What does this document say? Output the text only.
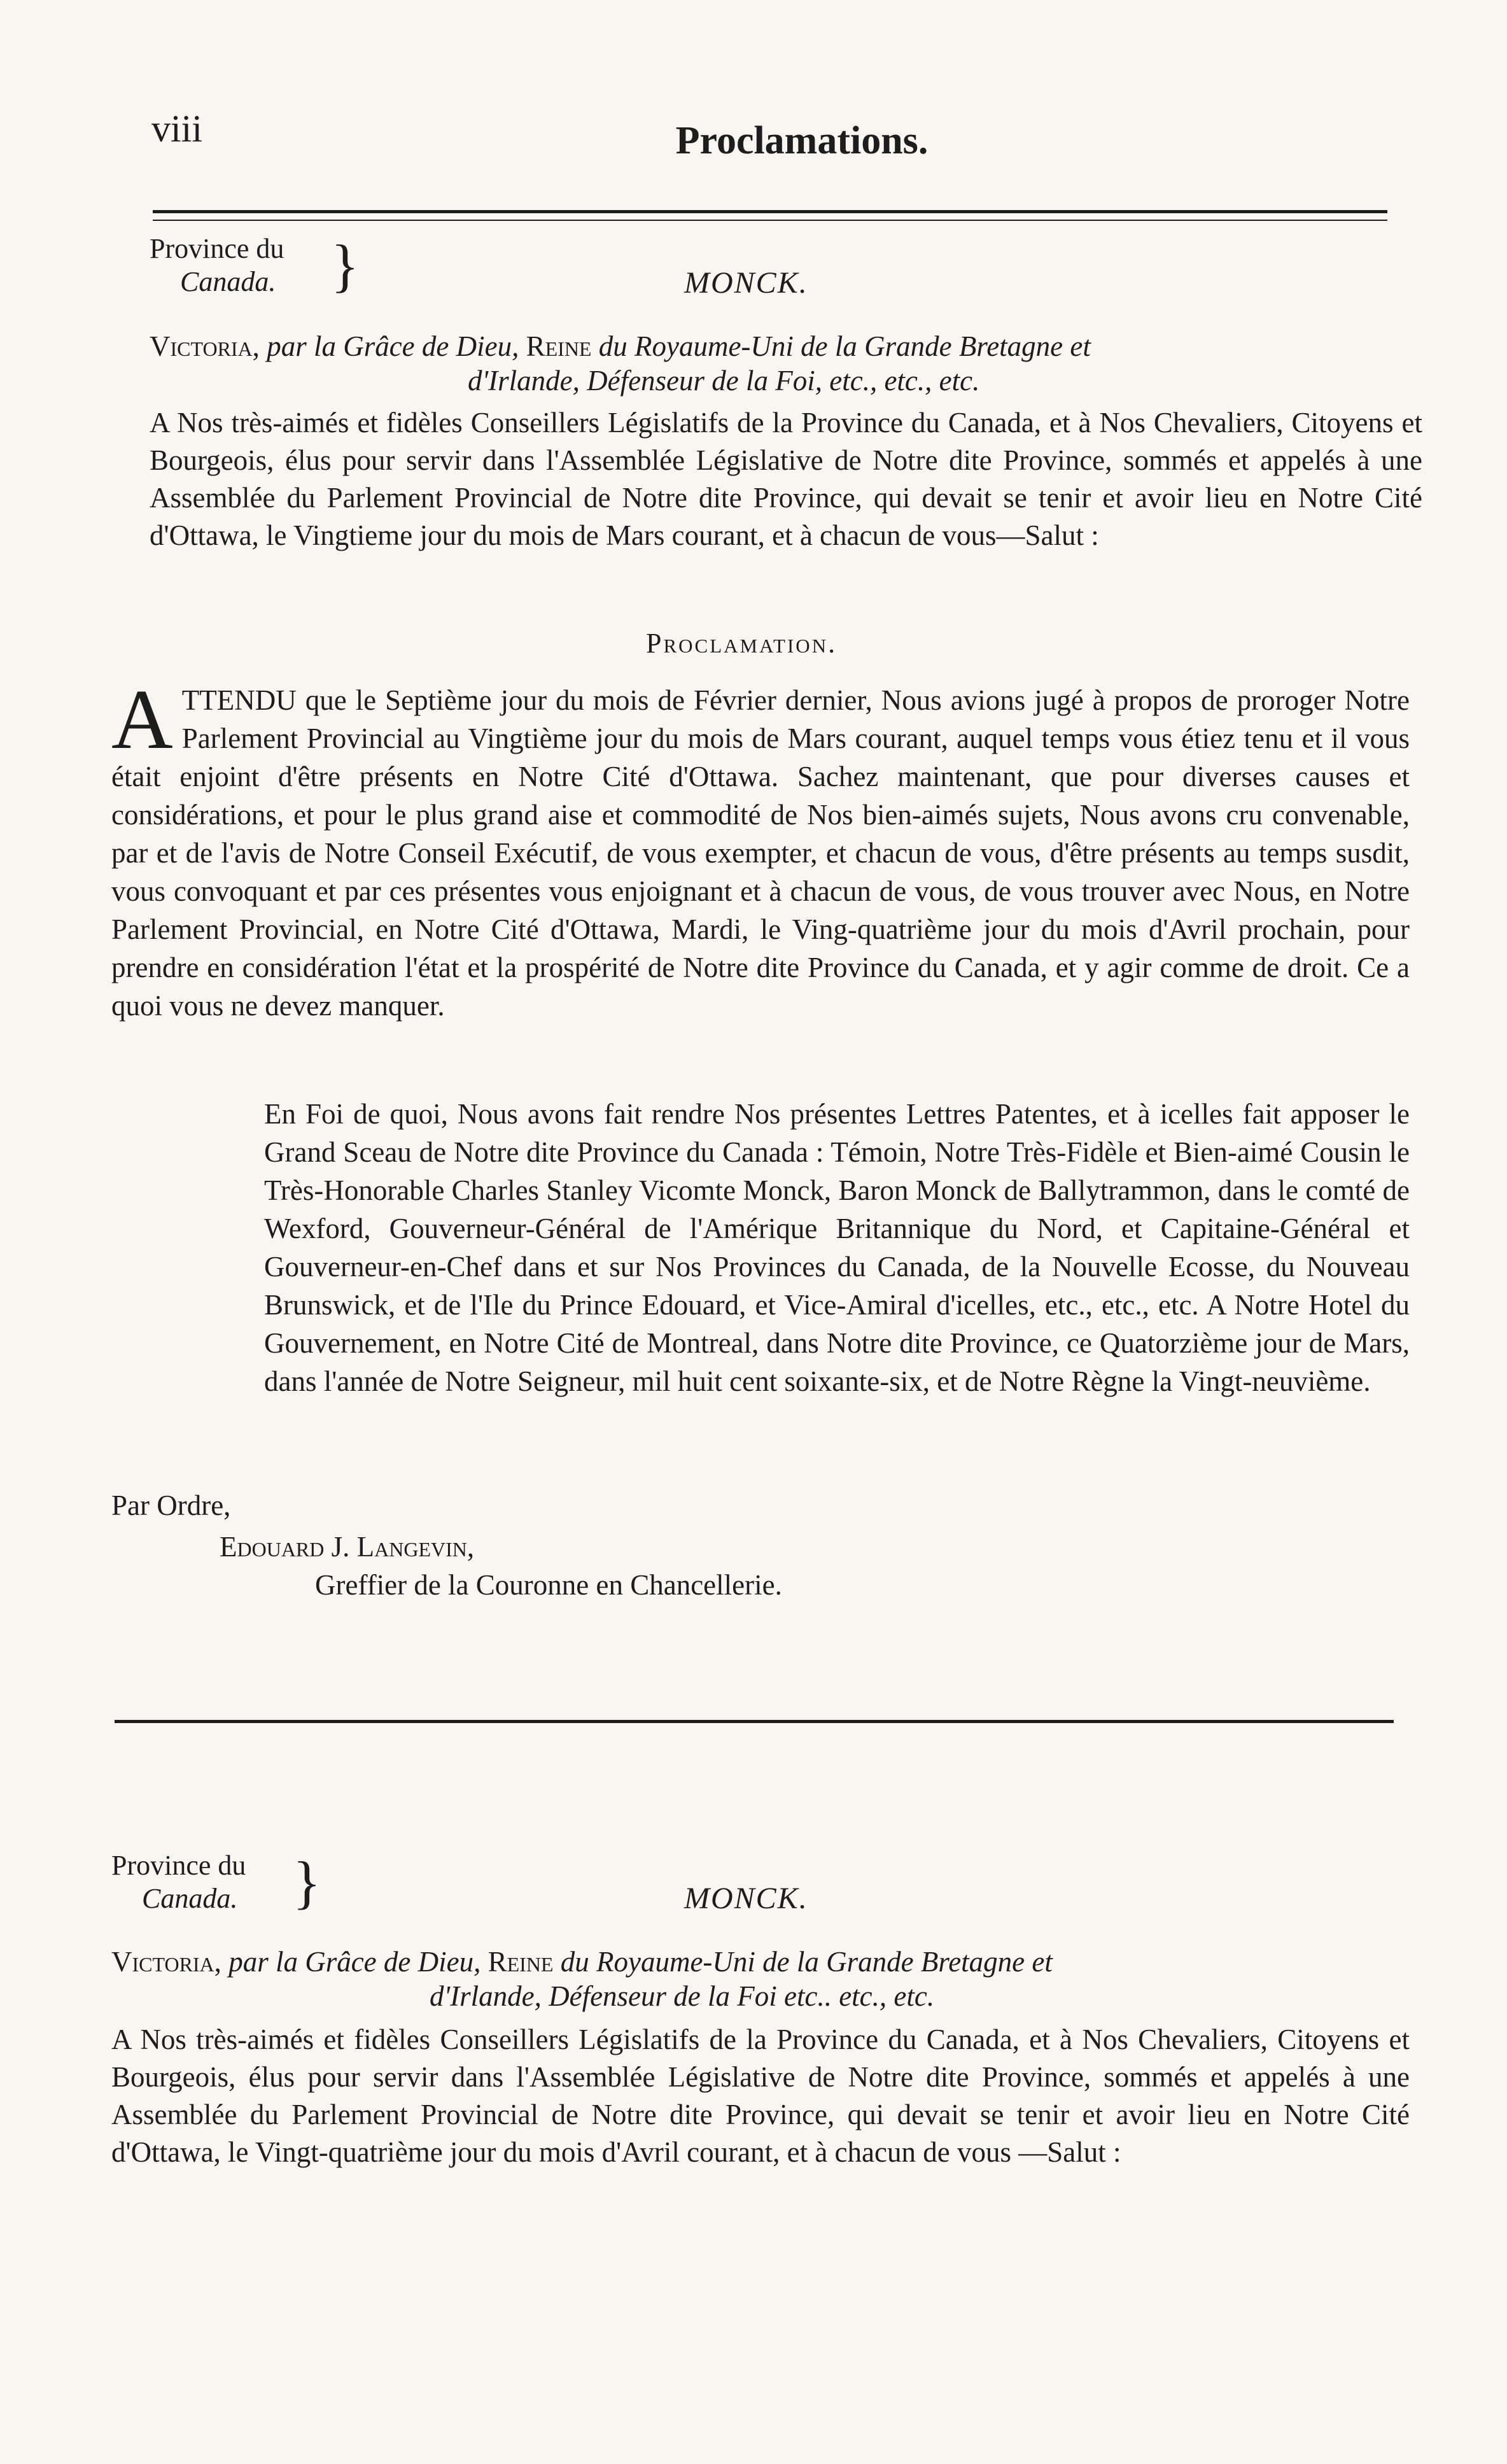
viii	Proclamations.
Province du
Canada. }	MONCK.
Victoria, par la Grâce de Dieu, Reine du Royaume-Uni de la Grande Bretagne et
d'Irlande, Défenseur de la Foi, etc., etc., etc.

A Nos très-aimés et fidèles Conseillers Législatifs de la Province du Canada, et à Nos Chevaliers, Citoyens et Bourgeois, élus pour servir dans l'Assemblée Législative de Notre dite Province, sommés et appelés à une Assemblée du Parlement Provincial de Notre dite Province, qui devait se tenir et avoir lieu en Notre Cité d'Ottawa, le Vingtieme jour du mois de Mars courant, et à chacun de vous—Salut :

Proclamation.
A TTENDU que le Septième jour du mois de Février dernier, Nous avions jugé à propos de proroger Notre Parlement Provincial au Vingtième jour du mois de Mars courant, auquel temps vous étiez tenu et il vous était enjoint d'être présents en Notre Cité d'Ottawa. Sachez maintenant, que pour diverses causes et considérations, et pour le plus grand aise et commodité de Nos bien-aimés sujets, Nous avons cru convenable, par et de l'avis de Notre Conseil Exécutif, de vous exempter, et chacun de vous, d'être présents au temps susdit, vous convoquant et par ces présentes vous enjoignant et à chacun de vous, de vous trouver avec Nous, en Notre Parlement Provincial, en Notre Cité d'Ottawa, Mardi, le Ving-quatrième jour du mois d'Avril prochain, pour prendre en considération l'état et la prospérité de Notre dite Province du Canada, et y agir comme de droit. Ce a quoi vous ne devez manquer.
En Foi de quoi, Nous avons fait rendre Nos présentes Lettres Patentes, et à icelles fait apposer le Grand Sceau de Notre dite Province du Canada : Témoin, Notre Très-Fidèle et Bien-aimé Cousin le Très-Honorable Charles Stanley Vicomte Monck, Baron Monck de Ballytrammon, dans le comté de Wexford, Gouverneur-Général de l'Amérique Britannique du Nord, et Capitaine-Général et Gouverneur-en-Chef dans et sur Nos Provinces du Canada, de la Nouvelle Ecosse, du Nouveau Brunswick, et de l'Ile du Prince Edouard, et Vice-Amiral d'icelles, etc., etc., etc. A Notre Hotel du Gouvernement, en Notre Cité de Montreal, dans Notre dite Province, ce Quatorzième jour de Mars, dans l'année de Notre Seigneur, mil huit cent soixante-six, et de Notre Règne la Vingt-neuvième.
Par Ordre,
Edouard J. Langevin,
Greffier de la Couronne en Chancellerie.
Province du
Canada. }	MONCK.
Victoria, par la Grâce de Dieu, Reine du Royaume-Uni de la Grande Bretagne et
d'Irlande, Défenseur de la Foi etc.. etc., etc.

A Nos très-aimés et fidèles Conseillers Législatifs de la Province du Canada, et à Nos Chevaliers, Citoyens et Bourgeois, élus pour servir dans l'Assemblée Législative de Notre dite Province, sommés et appelés à une Assemblée du Parlement Provincial de Notre dite Province, qui devait se tenir et avoir lieu en Notre Cité d'Ottawa, le Vingt-quatrième jour du mois d'Avril courant, et à chacun de vous —Salut :
